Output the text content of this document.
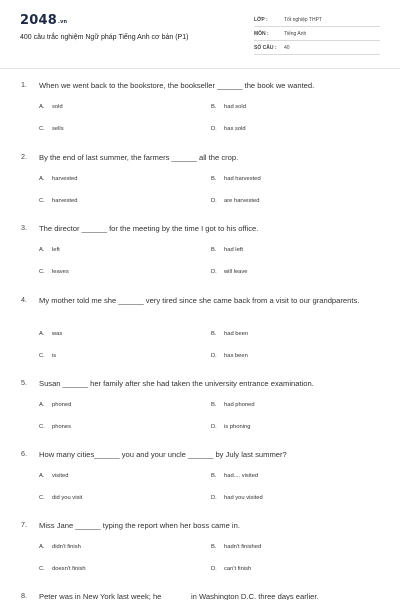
2048.vn
400 câu trắc nghiệm Ngữ pháp Tiếng Anh cơ bản (P1)
LỚP :	Tốt nghiệp THPT
MÔN :	Tiếng Anh
SỐ CÂU : 40
1. When we went back to the bookstore, the bookseller ______ the book we wanted.
A. sold	B. had sold
C. sells	D. has sold
2. By the end of last summer, the farmers ______ all the crop.
A. harvested	B. had harvested
C. harvested	D. are harvested
3. The director ______ for the meeting by the time I got to his office.
A. left	B. had left
C. leaves	D. will leave
4. My mother told me she ______ very tired since she came back from a visit to our grandparents.
A. was	B. had been
C. is	D. has been
5. Susan ______ her family after she had taken the university entrance examination.
A. phoned	B. had phoned
C. phones	D. is phoning
6. How many cities______ you and your uncle ______ by July last summer?
A. visited	B. had.... visited
C. did you visit	D. had you visited
7. Miss Jane ______ typing the report when her boss came in.
A. didn't finish	B. hadn't finished
C. doesn't finish	D. can't finish
8. Peter was in New York last week; he ______ in Washington D.C. three days earlier.
